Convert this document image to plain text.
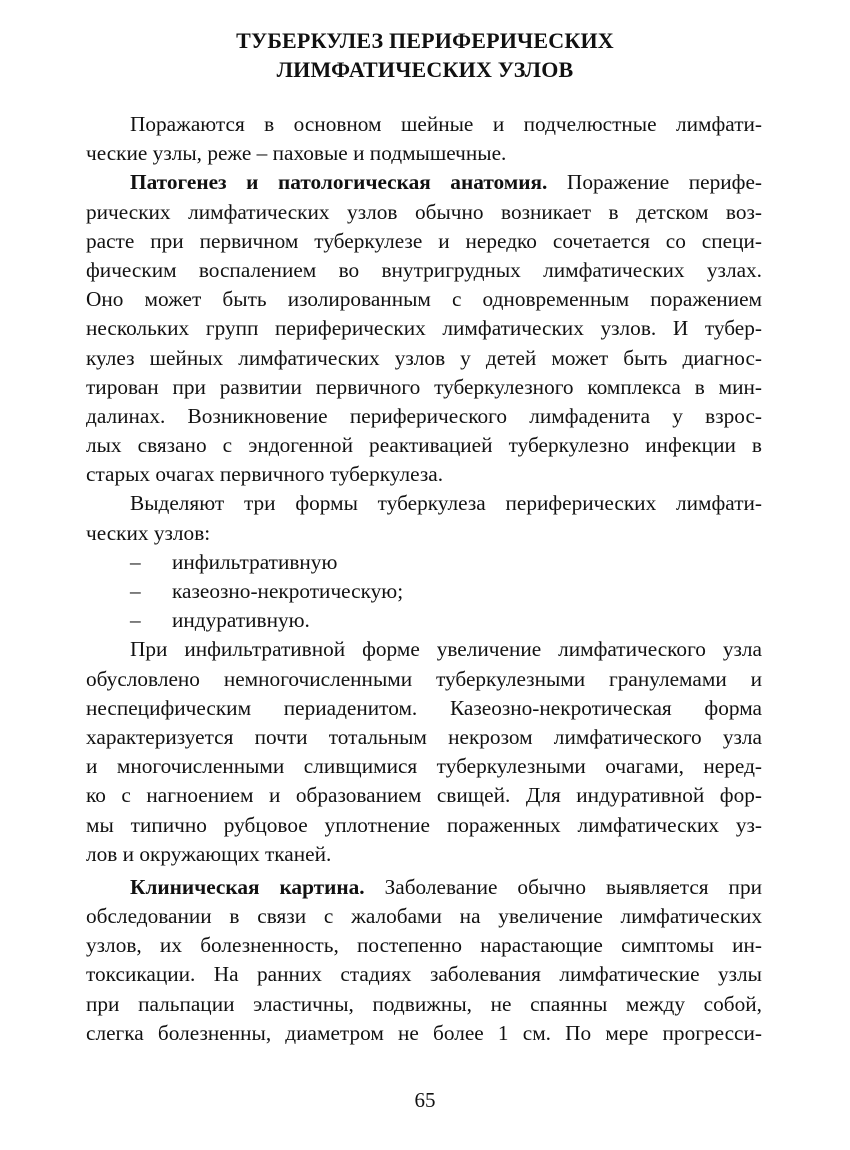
ТУБЕРКУЛЕЗ ПЕРИФЕРИЧЕСКИХ
ЛИМФАТИЧЕСКИХ УЗЛОВ
Поражаются в основном шейные и подчелюстные лимфати-
ческие узлы, реже – паховые и подмышечные.
Патогенез и патологическая анатомия. Поражение перифе-
рических лимфатических узлов обычно возникает в детском воз-
расте при первичном туберкулезе и нередко сочетается со специ-
фическим воспалением во внутригрудных лимфатических узлах.
Оно может быть изолированным с одновременным поражением
нескольких групп периферических лимфатических узлов. И тубер-
кулез шейных лимфатических узлов у детей может быть диагнос-
тирован при развитии первичного туберкулезного комплекса в мин-
далинах. Возникновение периферического лимфаденита у взрос-
лых связано с эндогенной реактивацией туберкулезно инфекции в
старых очагах первичного туберкулеза.
Выделяют три формы туберкулеза периферических лимфати-
ческих узлов:
– инфильтративную
– казеозно-некротическую;
– индуративную.
При инфильтративной форме увеличение лимфатического узла
обусловлено немногочисленными туберкулезными гранулемами и
неспецифическим периаденитом. Казеозно-некротическая форма
характеризуется почти тотальным некрозом лимфатического узла
и многочисленными сливщимися туберкулезными очагами, неред-
ко с нагноением и образованием свищей. Для индуративной фор-
мы типично рубцовое уплотнение пораженных лимфатических уз-
лов и окружающих тканей.
Клиническая картина. Заболевание обычно выявляется при
обследовании в связи с жалобами на увеличение лимфатических
узлов, их болезненность, постепенно нарастающие симптомы ин-
токсикации. На ранних стадиях заболевания лимфатические узлы
при пальпации эластичны, подвижны, не спаянны между собой,
слегка болезненны, диаметром не более 1 см. По мере прогресси-
65
